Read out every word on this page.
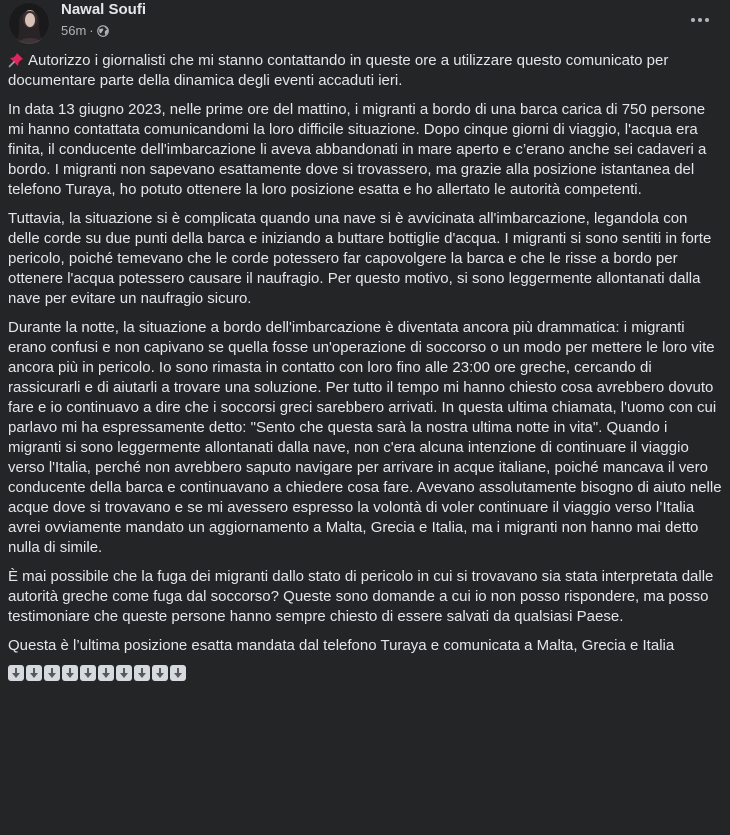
Nawal Soufi
56m ·

Autorizzo i giornalisti che mi stanno contattando in queste ore a utilizzare questo comunicato per documentare parte della dinamica degli eventi accaduti ieri.

In data 13 giugno 2023, nelle prime ore del mattino, i migranti a bordo di una barca carica di 750 persone mi hanno contattata comunicandomi la loro difficile situazione. Dopo cinque giorni di viaggio, l'acqua era finita, il conducente dell'imbarcazione li aveva abbandonati in mare aperto e c’erano anche sei cadaveri a bordo. I migranti non sapevano esattamente dove si trovassero, ma grazie alla posizione istantanea del telefono Turaya, ho potuto ottenere la loro posizione esatta e ho allertato le autorità competenti.

Tuttavia, la situazione si è complicata quando una nave si è avvicinata all'imbarcazione, legandola con delle corde su due punti della barca e iniziando a buttare bottiglie d'acqua. I migranti si sono sentiti in forte pericolo, poiché temevano che le corde potessero far capovolgere la barca e che le risse a bordo per ottenere l'acqua potessero causare il naufragio. Per questo motivo, si sono leggermente allontanati dalla nave per evitare un naufragio sicuro.

Durante la notte, la situazione a bordo dell'imbarcazione è diventata ancora più drammatica: i migranti erano confusi e non capivano se quella fosse un'operazione di soccorso o un modo per mettere le loro vite ancora più in pericolo. Io sono rimasta in contatto con loro fino alle 23:00 ore greche, cercando di rassicurarli e di aiutarli a trovare una soluzione. Per tutto il tempo mi hanno chiesto cosa avrebbero dovuto fare e io continuavo a dire che i soccorsi greci sarebbero arrivati. In questa ultima chiamata, l'uomo con cui parlavo mi ha espressamente detto: "Sento che questa sarà la nostra ultima notte in vita". Quando i migranti si sono leggermente allontanati dalla nave, non c'era alcuna intenzione di continuare il viaggio verso l'Italia, perché non avrebbero saputo navigare per arrivare in acque italiane, poiché mancava il vero conducente della barca e continuavano a chiedere cosa fare. Avevano assolutamente bisogno di aiuto nelle acque dove si trovavano e se mi avessero espresso la volontà di voler continuare il viaggio verso l’Italia avrei ovviamente mandato un aggiornamento a Malta, Grecia e Italia, ma i migranti non hanno mai detto nulla di simile.

È mai possibile che la fuga dei migranti dallo stato di pericolo in cui si trovavano sia stata interpretata dalle autorità greche come fuga dal soccorso? Queste sono domande a cui io non posso rispondere, ma posso testimoniare che queste persone hanno sempre chiesto di essere salvati da qualsiasi Paese.

Questa è l’ultima posizione esatta mandata dal telefono Turaya e comunicata a Malta, Grecia e Italia
